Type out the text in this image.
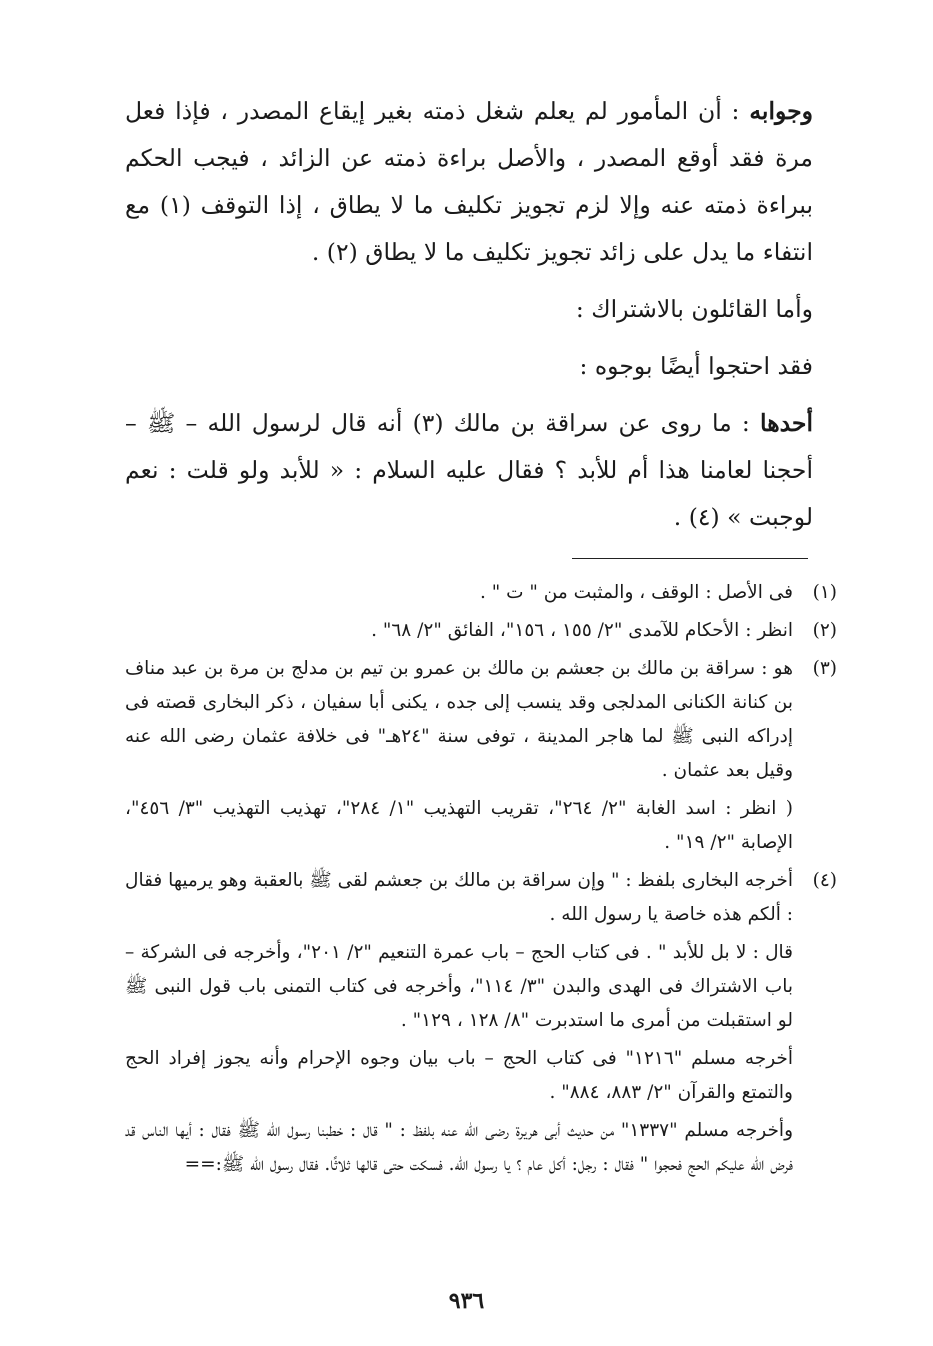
وجوابه : أن المأمور لم يعلم شغل ذمته بغير إيقاع المصدر ، فإذا فعل مرة فقد أوقع المصدر ، والأصل براءة ذمته عن الزائد ، فيجب الحكم ببراءة ذمته عنه وإلا لزم تجويز تكليف ما لا يطاق ، إذا التوقف (١) مع انتفاء ما يدل على زائد تجويز تكليف ما لا يطاق (٢) .

وأما القائلون بالاشتراك :

فقد احتجوا أيضًا بوجوه :

أحدها : ما روى عن سراقة بن مالك (٣) أنه قال لرسول الله – ﷺ – أحجنا لعامنا هذا أم للأبد ؟ فقال عليه السلام : « للأبد ولو قلت : نعم لوجبت » (٤) .

(١)

فى الأصل : الوقف ، والمثبت من " ت " .

(٢)

انظر : الأحكام للآمدى "٢/ ١٥٥ ، ١٥٦"، الفائق "٢/ ٦٨" .

(٣)

هو : سراقة بن مالك بن جعشم بن مالك بن عمرو بن تيم بن مدلج بن مرة بن عبد مناف بن كنانة الكنانى المدلجى وقد ينسب إلى جده ، يكنى أبا سفيان ، ذكر البخارى قصته فى إدراكه النبى ﷺ لما هاجر المدينة ، توفى سنة "٢٤هـ" فى خلافة عثمان رضى الله عنه وقيل بعد عثمان .

( انظر : اسد الغابة "٢/ ٢٦٤"، تقريب التهذيب "١/ ٢٨٤"، تهذيب التهذيب "٣/ ٤٥٦"، الإصابة "٢/ ١٩" .

(٤)

أخرجه البخارى بلفظ : " وإن سراقة بن مالك بن جعشم لقى ﷺ بالعقبة وهو يرميها فقال : ألكم هذه خاصة يا رسول الله .

قال : لا بل للأبد " . فى كتاب الحج – باب عمرة التنعيم "٢/ ٢٠١"، وأخرجه فى الشركة – باب الاشتراك فى الهدى والبدن "٣/ ١١٤"، وأخرجه فى كتاب التمنى باب قول النبى ﷺ لو استقبلت من أمرى ما استدبرت "٨/ ١٢٨ ، ١٢٩" .

أخرجه مسلم "١٢١٦" فى كتاب الحج – باب بيان وجوه الإحرام وأنه يجوز إفراد الحج والتمتع والقرآن "٢/ ٨٨٣، ٨٨٤" .

وأخرجه مسلم "١٣٣٧" من حديث أبى هريرة رضى الله عنه بلفظ : " قال : خطبنا رسول الله ﷺ فقال : أيها الناس قد فرض الله عليكم الحج فحجوا " فقال : رجل: أكل عام ؟ يا رسول الله. فسكت حتى قالها ثلاثًا. فقال رسول الله ﷺ:==

٩٣٦
